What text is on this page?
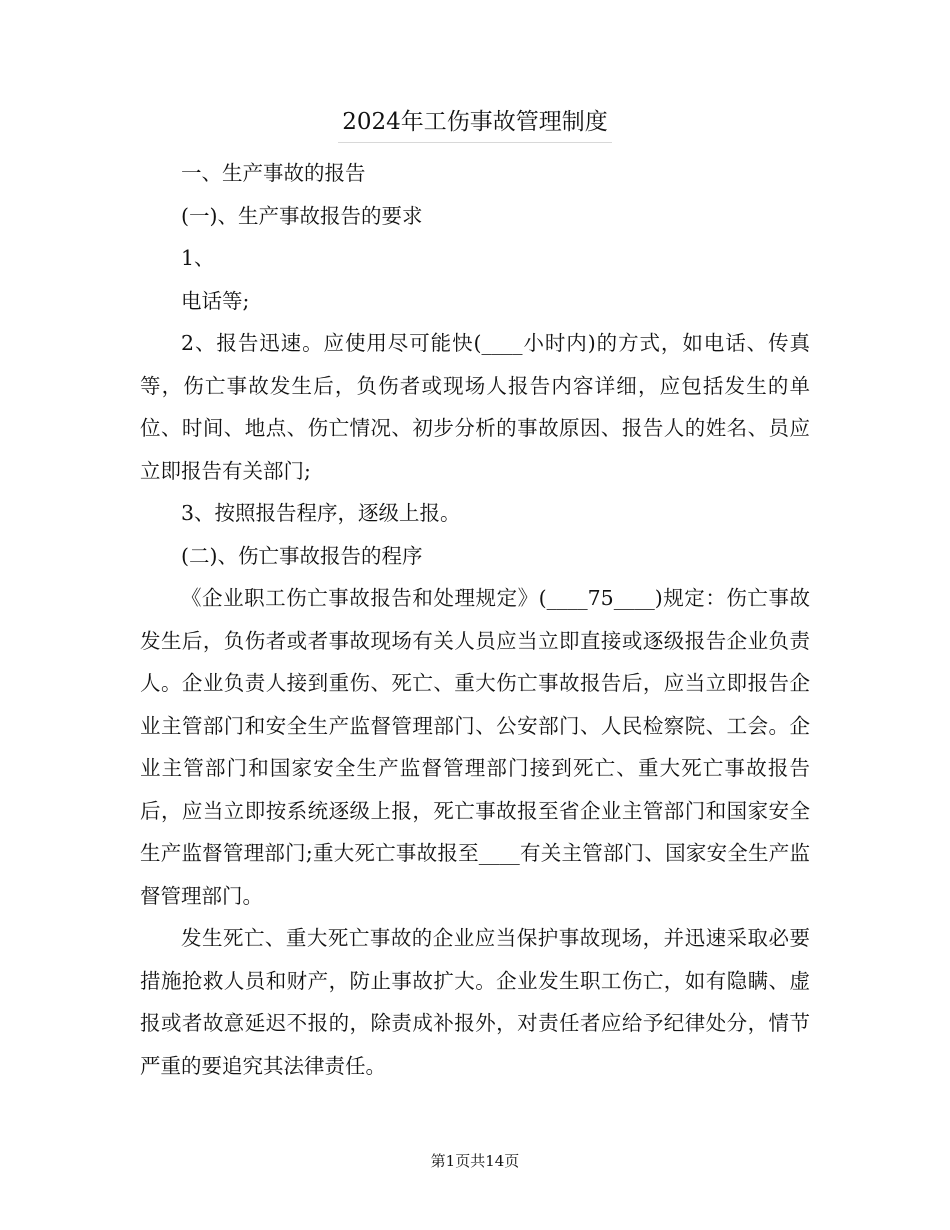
2024年工伤事故管理制度

一、生产事故的报告

(一)、生产事故报告的要求

1、

电话等;

2、报告迅速。应使用尽可能快(____小时内)的方式，如电话、传真等，伤亡事故发生后，负伤者或现场人报告内容详细，应包括发生的单位、时间、地点、伤亡情况、初步分析的事故原因、报告人的姓名、员应立即报告有关部门;

3、按照报告程序，逐级上报。

(二)、伤亡事故报告的程序

《企业职工伤亡事故报告和处理规定》(____75____)规定：伤亡事故发生后，负伤者或者事故现场有关人员应当立即直接或逐级报告企业负责人。企业负责人接到重伤、死亡、重大伤亡事故报告后，应当立即报告企业主管部门和安全生产监督管理部门、公安部门、人民检察院、工会。企业主管部门和国家安全生产监督管理部门接到死亡、重大死亡事故报告后，应当立即按系统逐级上报，死亡事故报至省企业主管部门和国家安全生产监督管理部门;重大死亡事故报至____有关主管部门、国家安全生产监督管理部门。

发生死亡、重大死亡事故的企业应当保护事故现场，并迅速采取必要措施抢救人员和财产，防止事故扩大。企业发生职工伤亡，如有隐瞒、虚报或者故意延迟不报的，除责成补报外，对责任者应给予纪律处分，情节严重的要追究其法律责任。

第1页共14页
